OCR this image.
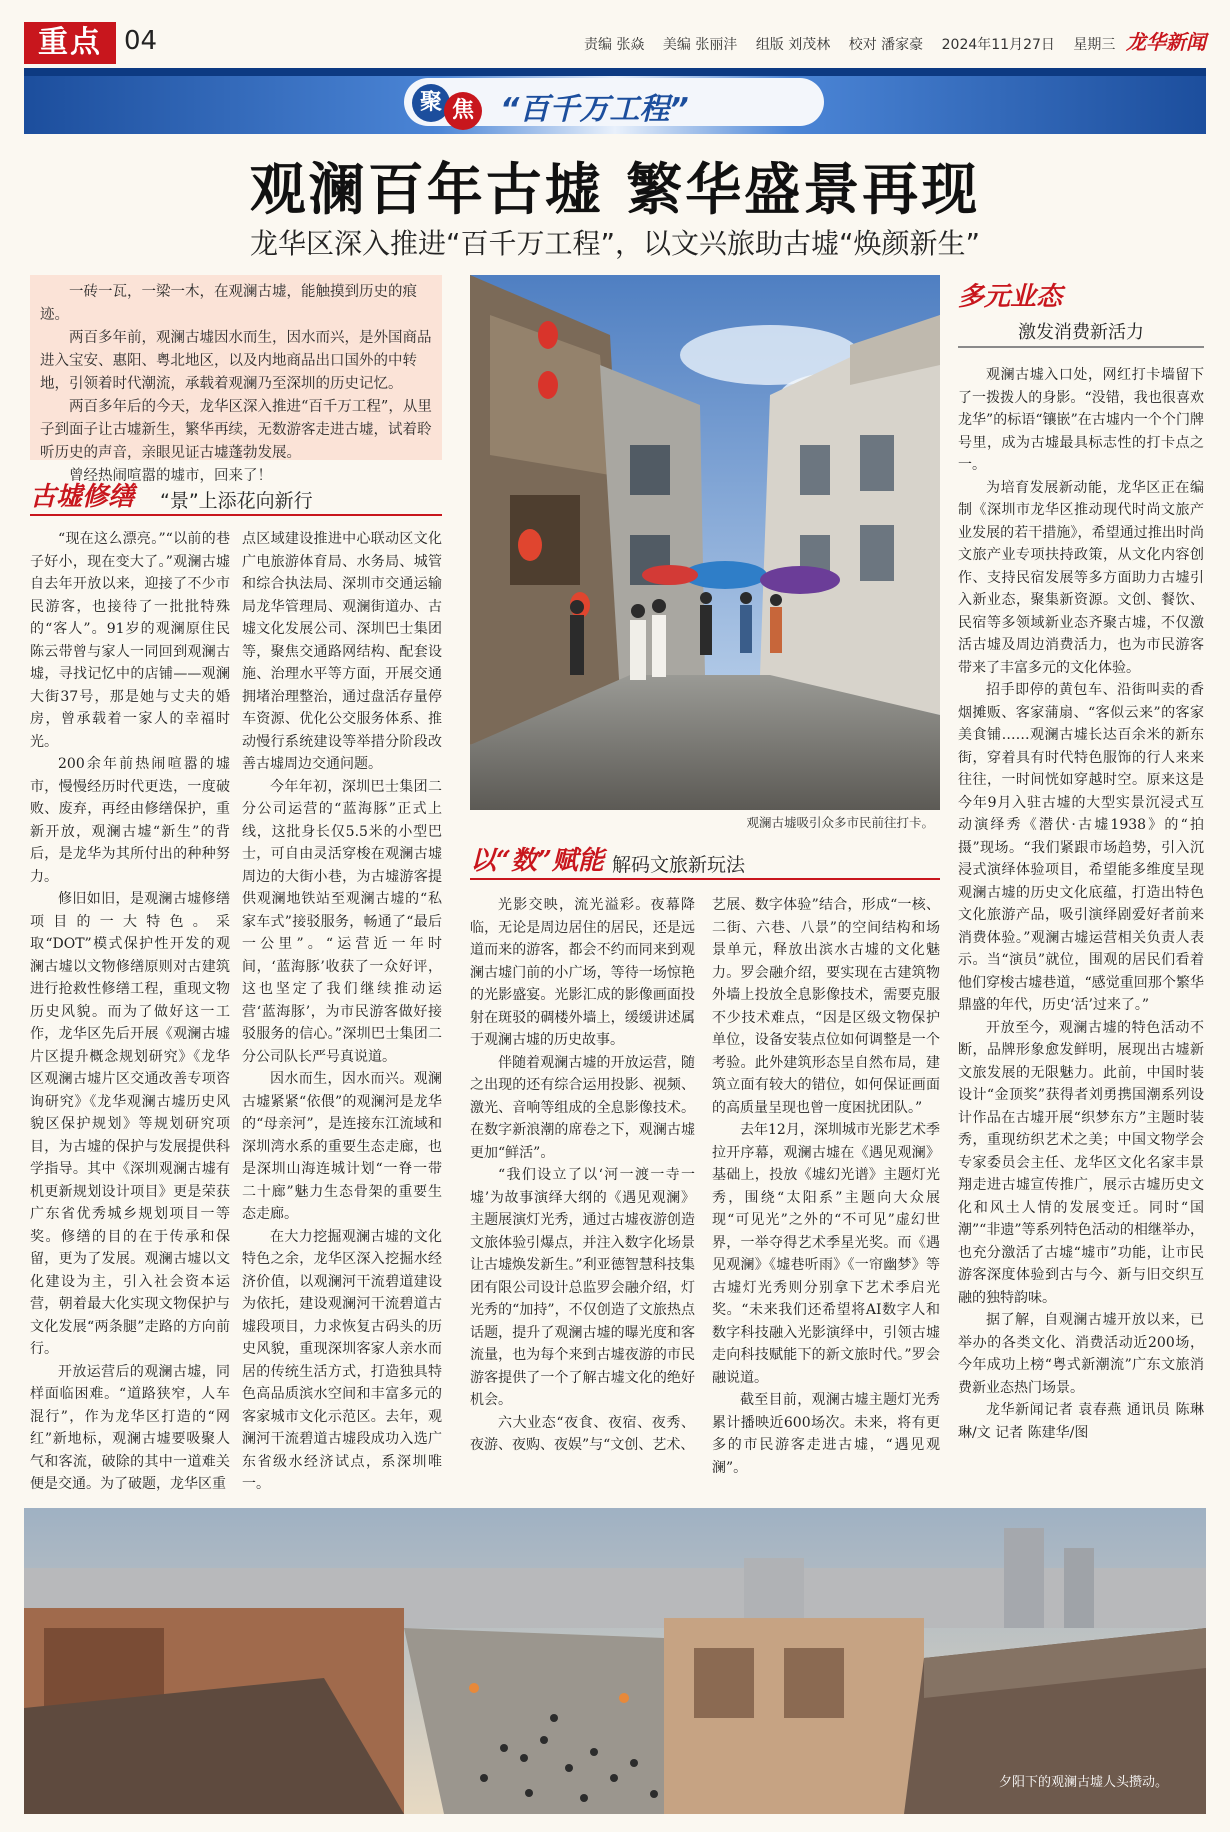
重点 04	责编 张焱 美编 张丽沣 组版 刘茂林 校对 潘家豪 2024年11月27日 星期三 龙华新闻
聚 焦 “百千万工程”
观澜百年古墟 繁华盛景再现
龙华区深入推进“百千万工程”，以文兴旅助古墟“焕颜新生”

一砖一瓦，一梁一木，在观澜古墟，能触摸到历史的痕迹。

两百多年前，观澜古墟因水而生，因水而兴，是外国商品进入宝安、惠阳、粤北地区，以及内地商品出口国外的中转地，引领着时代潮流，承载着观澜乃至深圳的历史记忆。

两百多年后的今天，龙华区深入推进“百千万工程”，从里子到面子让古墟新生，繁华再续，无数游客走进古墟，试着聆听历史的声音，亲眼见证古墟蓬勃发展。

曾经热闹喧嚣的墟市，回来了！

古墟修缮 “景”上添花向新行

“现在这么漂亮。”“以前的巷子好小，现在变大了。”观澜古墟自去年开放以来，迎接了不少市民游客，也接待了一批批特殊的“客人”。91岁的观澜原住民陈云带曾与家人一同回到观澜古墟，寻找记忆中的店铺——观澜大街37号，那是她与丈夫的婚房，曾承载着一家人的幸福时光。

200余年前热闹喧嚣的墟市，慢慢经历时代更迭，一度破败、废弃，再经由修缮保护，重新开放，观澜古墟“新生”的背后，是龙华为其所付出的种种努力。

修旧如旧，是观澜古墟修缮项目的一大特色。采取“DOT”模式保护性开发的观澜古墟以文物修缮原则对古建筑进行抢救性修缮工程，重现文物历史风貌。而为了做好这一工作，龙华区先后开展《观澜古墟片区提升概念规划研究》《龙华区观澜古墟片区交通改善专项咨询研究》《龙华观澜古墟历史风貌区保护规划》等规划研究项目，为古墟的保护与发展提供科学指导。其中《深圳观澜古墟有机更新规划设计项目》更是荣获广东省优秀城乡规划项目一等奖。修缮的目的在于传承和保留，更为了发展。观澜古墟以文化建设为主，引入社会资本运营，朝着最大化实现文物保护与文化发展“两条腿”走路的方向前行。

开放运营后的观澜古墟，同样面临困难。“道路狭窄，人车混行”，作为龙华区打造的“网红”新地标，观澜古墟要吸聚人气和客流，破除的其中一道难关便是交通。为了破题，龙华区重

点区域建设推进中心联动区文化广电旅游体育局、水务局、城管和综合执法局、深圳市交通运输局龙华管理局、观澜街道办、古墟文化发展公司、深圳巴士集团等，聚焦交通路网结构、配套设施、治理水平等方面，开展交通拥堵治理整治，通过盘活存量停车资源、优化公交服务体系、推动慢行系统建设等举措分阶段改善古墟周边交通问题。

今年年初，深圳巴士集团二分公司运营的“蓝海豚”正式上线，这批身长仅5.5米的小型巴士，可自由灵活穿梭在观澜古墟周边的大街小巷，为古墟游客提供观澜地铁站至观澜古墟的“私家车式”接驳服务，畅通了“最后一公里”。“运营近一年时间，‘蓝海豚’收获了一众好评，这也坚定了我们继续推动运营‘蓝海豚’，为市民游客做好接驳服务的信心。”深圳巴士集团二分公司队长严号真说道。

因水而生，因水而兴。观澜古墟紧紧“依偎”的观澜河是龙华的“母亲河”，是连接东江流域和深圳湾水系的重要生态走廊，也是深圳山海连城计划“一脊一带二十廊”魅力生态骨架的重要生态走廊。

在大力挖掘观澜古墟的文化特色之余，龙华区深入挖掘水经济价值，以观澜河干流碧道建设为依托，建设观澜河干流碧道古墟段项目，力求恢复古码头的历史风貌，重现深圳客家人亲水而居的传统生活方式，打造独具特色高品质滨水空间和丰富多元的客家城市文化示范区。去年，观澜河干流碧道古墟段成功入选广东省级水经济试点，系深圳唯一。

观澜古墟吸引众多市民前往打卡。
以“数”赋能 解码文旅新玩法

光影交映，流光溢彩。夜幕降临，无论是周边居住的居民，还是远道而来的游客，都会不约而同来到观澜古墟门前的小广场，等待一场惊艳的光影盛宴。光影汇成的影像画面投射在斑驳的碉楼外墙上，缓缓讲述属于观澜古墟的历史故事。

伴随着观澜古墟的开放运营，随之出现的还有综合运用投影、视频、激光、音响等组成的全息影像技术。在数字新浪潮的席卷之下，观澜古墟更加“鲜活”。

“我们设立了以‘河一渡一寺一墟’为故事演绎大纲的《遇见观澜》主题展演灯光秀，通过古墟夜游创造文旅体验引爆点，并注入数字化场景让古墟焕发新生。”利亚德智慧科技集团有限公司设计总监罗会融介绍，灯光秀的“加持”，不仅创造了文旅热点话题，提升了观澜古墟的曝光度和客流量，也为每个来到古墟夜游的市民游客提供了一个了解古墟文化的绝好机会。

六大业态“夜食、夜宿、夜秀、夜游、夜购、夜娱”与“文创、艺术、

艺展、数字体验”结合，形成“一核、二街、六巷、八景”的空间结构和场景单元，释放出滨水古墟的文化魅力。罗会融介绍，要实现在古建筑物外墙上投放全息影像技术，需要克服不少技术难点，“因是区级文物保护单位，设备安装点位如何调整是一个考验。此外建筑形态呈自然布局，建筑立面有较大的错位，如何保证画面的高质量呈现也曾一度困扰团队。”

去年12月，深圳城市光影艺术季拉开序幕，观澜古墟在《遇见观澜》基础上，投放《墟幻光谱》主题灯光秀，围绕“太阳系”主题向大众展现“可见光”之外的“不可见”虚幻世界，一举夺得艺术季星光奖。而《遇见观澜》《墟巷听雨》《一帘幽梦》等古墟灯光秀则分别拿下艺术季启光奖。“未来我们还希望将AI数字人和数字科技融入光影演绎中，引领古墟走向科技赋能下的新文旅时代。”罗会融说道。

截至目前，观澜古墟主题灯光秀累计播映近600场次。未来，将有更多的市民游客走进古墟，“遇见观澜”。

多元业态
激发消费新活力

观澜古墟入口处，网红打卡墙留下了一拨拨人的身影。“没错，我也很喜欢龙华”的标语“镶嵌”在古墟内一个个门牌号里，成为古墟最具标志性的打卡点之一。

为培育发展新动能，龙华区正在编制《深圳市龙华区推动现代时尚文旅产业发展的若干措施》，希望通过推出时尚文旅产业专项扶持政策，从文化内容创作、支持民宿发展等多方面助力古墟引入新业态，聚集新资源。文创、餐饮、民宿等多领域新业态齐聚古墟，不仅激活古墟及周边消费活力，也为市民游客带来了丰富多元的文化体验。

招手即停的黄包车、沿街叫卖的香烟摊贩、客家蒲扇、“客似云来”的客家美食铺……观澜古墟长达百余米的新东街，穿着具有时代特色服饰的行人来来往往，一时间恍如穿越时空。原来这是今年9月入驻古墟的大型实景沉浸式互动演绎秀《潜伏·古墟1938》的“拍摄”现场。“我们紧跟市场趋势，引入沉浸式演绎体验项目，希望能多维度呈现观澜古墟的历史文化底蕴，打造出特色文化旅游产品，吸引演绎剧爱好者前来消费体验。”观澜古墟运营相关负责人表示。当“演员”就位，围观的居民们看着他们穿梭古墟巷道，“感觉重回那个繁华鼎盛的年代，历史‘活’过来了。”

开放至今，观澜古墟的特色活动不断，品牌形象愈发鲜明，展现出古墟新文旅发展的无限魅力。此前，中国时装设计“金顶奖”获得者刘勇携国潮系列设计作品在古墟开展“织梦东方”主题时装秀，重现纺织艺术之美；中国文物学会专家委员会主任、龙华区文化名家丰景翔走进古墟宣传推广，展示古墟历史文化和风土人情的发展变迁。同时“国潮”“非遗”等系列特色活动的相继举办，也充分激活了古墟“墟市”功能，让市民游客深度体验到古与今、新与旧交织互融的独特韵味。

据了解，自观澜古墟开放以来，已举办的各类文化、消费活动近200场，今年成功上榜“粤式新潮流”广东文旅消费新业态热门场景。

龙华新闻记者 袁春燕 通讯员 陈琳琳/文 记者 陈建华/图

夕阳下的观澜古墟人头攒动。
